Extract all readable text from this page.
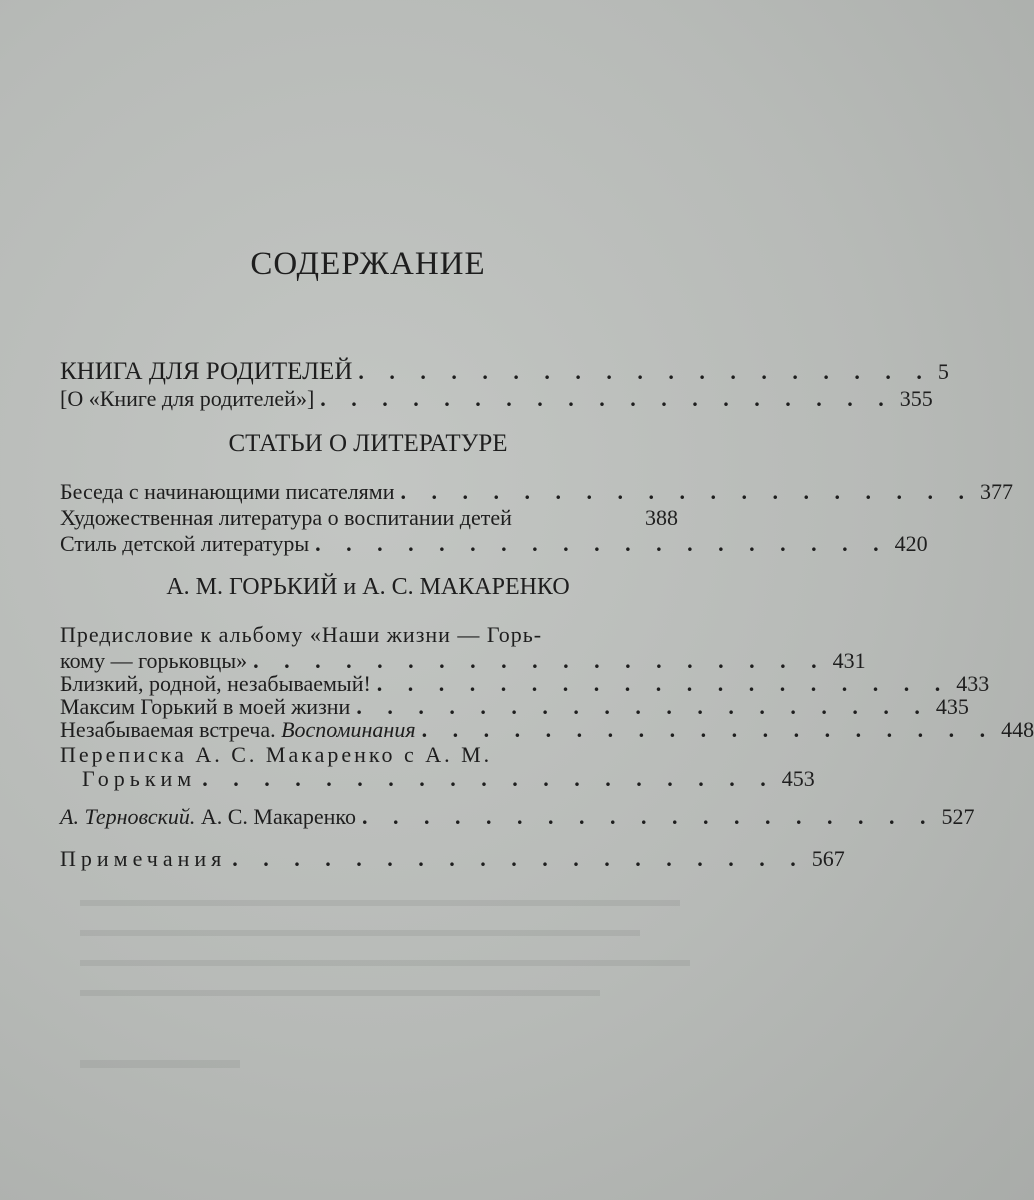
СОДЕРЖАНИЕ
КНИГА ДЛЯ РОДИТЕЛЕЙ . . . . . . . . . . . . . . . . . . . 5
[О «Книге для родителей»] . . . . . . . . . . . . . . . . . . . 355
СТАТЬИ О ЛИТЕРАТУРЕ
Беседа с начинающими писателями . . . . . . . . . . . . . . . . . . . 377
Художественная литература о воспитании детей	388
Стиль детской литературы . . . . . . . . . . . . . . . . . . . 420
А. М. ГОРЬКИЙ и А. С. МАКАРЕНКО
Предисловие к альбому «Наши жизни — Горь-
кому — горьковцы» . . . . . . . . . . . . . . . . . . . 431
Близкий, родной, незабываемый! . . . . . . . . . . . . . . . . . . . 433
Максим Горький в моей жизни . . . . . . . . . . . . . . . . . . . 435
Незабываемая встреча. Воспоминания . . . . . . . . . . . . . . . . . . . 448
Переписка А. С. Макаренко с А. М.
Горьким . . . . . . . . . . . . . . . . . . . 453
А. Терновский. А. С. Макаренко . . . . . . . . . . . . . . . . . . . 527
Примечания . . . . . . . . . . . . . . . . . . . 567
